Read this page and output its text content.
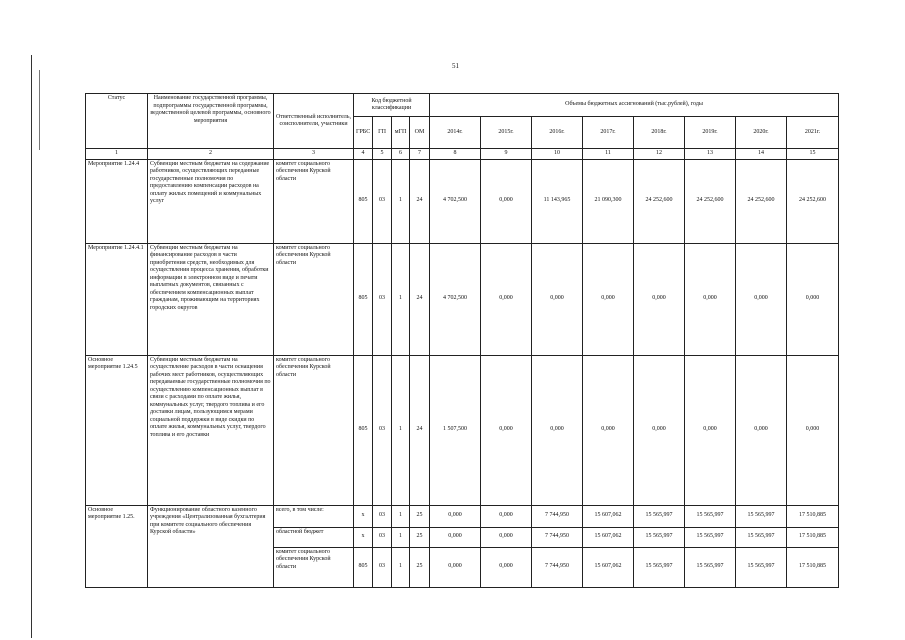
51
Статус	Наименование государственной программы, подпрограммы государственной программы, ведомственной целевой программы, основного мероприятия	Ответственный исполнитель, соисполнители, участники	Код бюджетной классификации				Объемы бюджетных ассигнований (тыс.рублей), годы							
			ГРБС	ГП	мГП	ОМ	2014г.	2015г.	2016г.	2017г.	2018г.	2019г.	2020г.	2021г.
1	2	3	4	5	6	7	8	9	10	11	12	13	14	15
Мероприятие 1.24.4	Субвенции местным бюджетам на содержание работников, осуществляющих переданные государственные полномочия по предоставлению компенсации расходов на оплату жилых помещений и коммунальных услуг	комитет социального обеспечения Курской области	805	03	1	24	4 702,500	0,000	11 143,965	21 090,300	24 252,600	24 252,600	24 252,600	24 252,600
Мероприятие 1.24.4.1	Субвенции местным бюджетам на финансирование расходов в части приобретения средств, необходимых для осуществления процесса хранения, обработки информации в электронном виде и печати выплатных документов, связанных с обеспечением компенсационных выплат гражданам, проживающим на территориях городских округов	комитет социального обеспечения Курской области	805	03	1	24	4 702,500	0,000	0,000	0,000	0,000	0,000	0,000	0,000
Основное мероприятие 1.24.5	Субвенции местным бюджетам на осуществление расходов в части оснащения рабочих мест работников, осуществляющих передаваемые государственные полномочия по осуществлению компенсационных выплат в связи с расходами по оплате жилья, коммунальных услуг, твердого топлива и его доставки лицам, пользующимся мерами социальной поддержки в виде скидки по оплате жилья, коммунальных услуг, твердого топлива и его доставки	комитет социального обеспечения Курской области	805	03	1	24	1 507,500	0,000	0,000	0,000	0,000	0,000	0,000	0,000
Основное мероприятие 1.25.	Функционирование областного казенного учреждения «Централизованная бухгалтерия при комитете социального обеспечения Курской области»	всего, в том числе:	х	03	1	25	0,000	0,000	7 744,950	15 607,062	15 565,997	15 565,997	15 565,997	17 510,885
		областной бюджет	х	03	1	25	0,000	0,000	7 744,950	15 607,062	15 565,997	15 565,997	15 565,997	17 510,885
		комитет социального обеспечения Курской области	805	03	1	25	0,000	0,000	7 744,950	15 607,062	15 565,997	15 565,997	15 565,997	17 510,885
